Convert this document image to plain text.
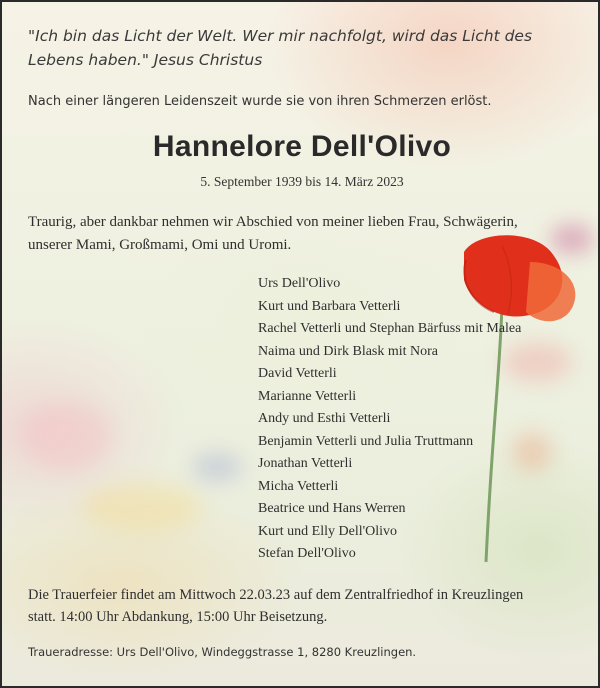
"Ich bin das Licht der Welt. Wer mir nachfolgt, wird das Licht des
Lebens haben." Jesus Christus
Nach einer längeren Leidenszeit wurde sie von ihren Schmerzen erlöst.
Hannelore Dell'Olivo
5. September 1939 bis 14. März 2023
Traurig, aber dankbar nehmen wir Abschied von meiner lieben Frau, Schwägerin,
unserer Mami, Großmami, Omi und Uromi.
Urs Dell'Olivo
Kurt und Barbara Vetterli
Rachel Vetterli und Stephan Bärfuss mit Malea
Naima und Dirk Blask mit Nora
David Vetterli
Marianne Vetterli
Andy und Esthi Vetterli
Benjamin Vetterli und Julia Truttmann
Jonathan Vetterli
Micha Vetterli
Beatrice und Hans Werren
Kurt und Elly Dell'Olivo
Stefan Dell'Olivo
Die Trauerfeier findet am Mittwoch 22.03.23 auf dem Zentralfriedhof in Kreuzlingen
statt. 14:00 Uhr Abdankung, 15:00 Uhr Beisetzung.
Traueradresse: Urs Dell'Olivo, Windeggstrasse 1, 8280 Kreuzlingen.
